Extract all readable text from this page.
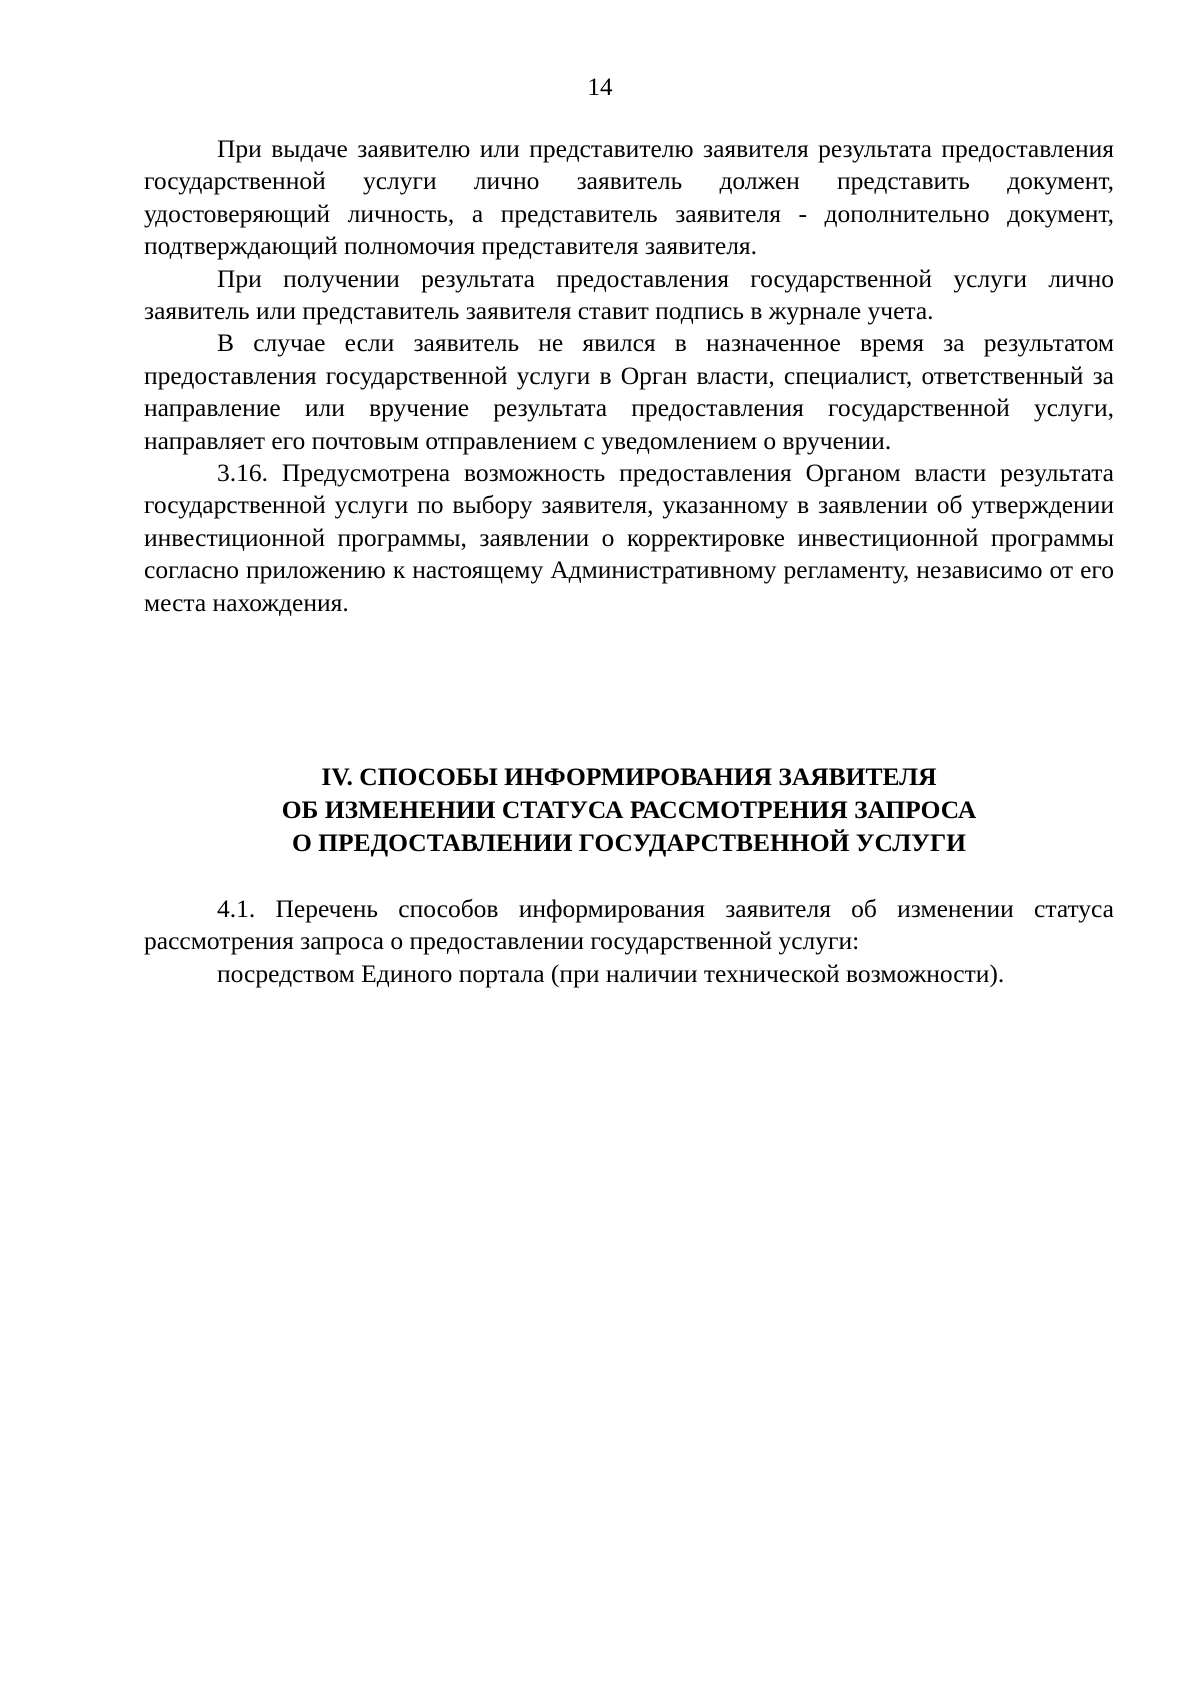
14

При выдаче заявителю или представителю заявителя результата предоставления государственной услуги лично заявитель должен представить документ, удостоверяющий личность, а представитель заявителя - дополнительно документ, подтверждающий полномочия представителя заявителя.

При получении результата предоставления государственной услуги лично заявитель или представитель заявителя ставит подпись в журнале учета.

В случае если заявитель не явился в назначенное время за результатом предоставления государственной услуги в Орган власти, специалист, ответственный за направление или вручение результата предоставления государственной услуги, направляет его почтовым отправлением с уведомлением о вручении.

3.16. Предусмотрена возможность предоставления Органом власти результата государственной услуги по выбору заявителя, указанному в заявлении об утверждении инвестиционной программы, заявлении о корректировке инвестиционной программы согласно приложению к настоящему Административному регламенту, независимо от его места нахождения.

IV. СПОСОБЫ ИНФОРМИРОВАНИЯ ЗАЯВИТЕЛЯ
ОБ ИЗМЕНЕНИИ СТАТУСА РАССМОТРЕНИЯ ЗАПРОСА
О ПРЕДОСТАВЛЕНИИ ГОСУДАРСТВЕННОЙ УСЛУГИ

4.1. Перечень способов информирования заявителя об изменении статуса рассмотрения запроса о предоставлении государственной услуги:

посредством Единого портала (при наличии технической возможности).
